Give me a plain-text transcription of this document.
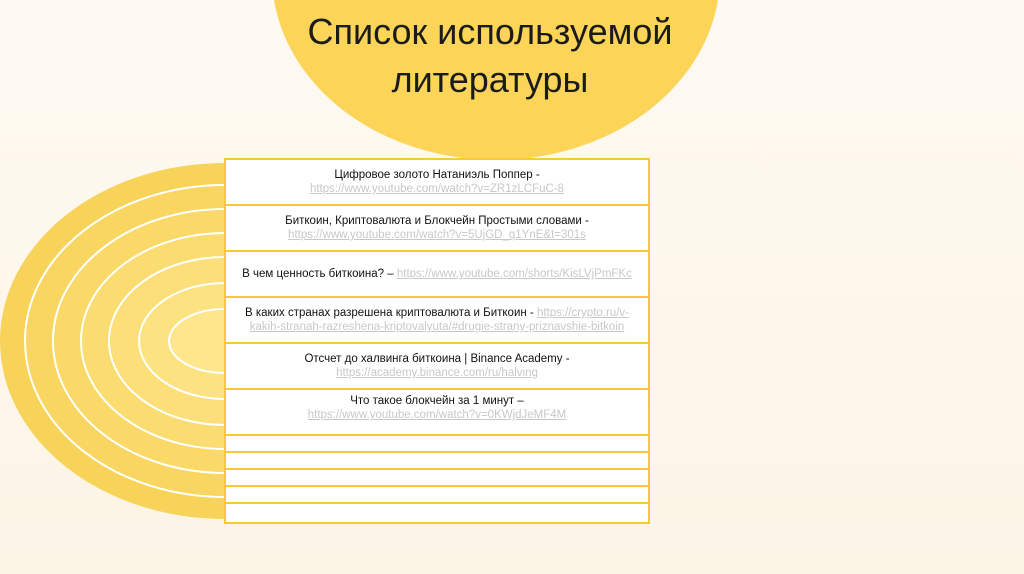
Список используемой
литературы
Цифровое золото Натаниэль Поппер -
https://www.youtube.com/watch?v=ZR1zLCFuC-8
Биткоин, Криптовалюта и Блокчейн Простыми словами -
https://www.youtube.com/watch?v=5UjGD_q1YnE&t=301s
В чем ценность биткоина? – https://www.youtube.com/shorts/KisLVjPmFKc
В каких странах разрешена криптовалюта и Биткоин - https://crypto.ru/v-kakih-stranah-razreshena-kriptovalyuta/#drugie-strany-priznavshie-bitkoin
Отсчет до халвинга биткоина | Binance Academy -
https://academy.binance.com/ru/halving
Что такое блокчейн за 1 минут –
https://www.youtube.com/watch?v=0KWjdJeMF4M
